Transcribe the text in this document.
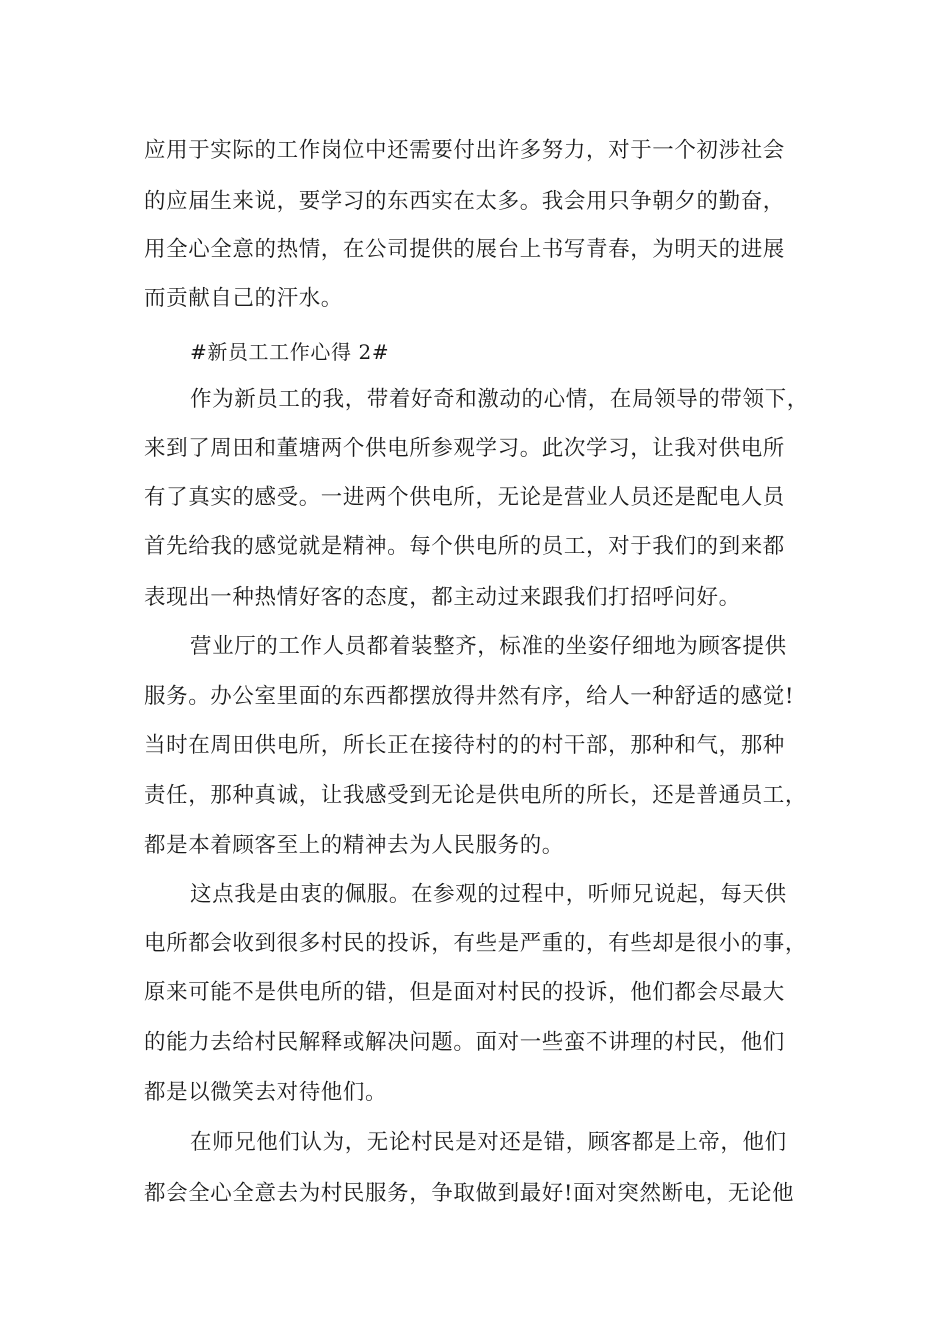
应用于实际的工作岗位中还需要付出许多努力，对于一个初涉社会
的应届生来说，要学习的东西实在太多。我会用只争朝夕的勤奋，
用全心全意的热情，在公司提供的展台上书写青春，为明天的进展
而贡献自己的汗水。
#新员工工作心得 2#
作为新员工的我，带着好奇和激动的心情，在局领导的带领下，
来到了周田和董塘两个供电所参观学习。此次学习，让我对供电所
有了真实的感受。一进两个供电所，无论是营业人员还是配电人员
首先给我的感觉就是精神。每个供电所的员工，对于我们的到来都
表现出一种热情好客的态度，都主动过来跟我们打招呼问好。
营业厅的工作人员都着装整齐，标准的坐姿仔细地为顾客提供
服务。办公室里面的东西都摆放得井然有序，给人一种舒适的感觉!
当时在周田供电所，所长正在接待村的的村干部，那种和气，那种
责任，那种真诚，让我感受到无论是供电所的所长，还是普通员工，
都是本着顾客至上的精神去为人民服务的。
这点我是由衷的佩服。在参观的过程中，听师兄说起，每天供
电所都会收到很多村民的投诉，有些是严重的，有些却是很小的事，
原来可能不是供电所的错，但是面对村民的投诉，他们都会尽最大
的能力去给村民解释或解决问题。面对一些蛮不讲理的村民，他们
都是以微笑去对待他们。
在师兄他们认为，无论村民是对还是错，顾客都是上帝，他们
都会全心全意去为村民服务，争取做到最好!面对突然断电，无论他
